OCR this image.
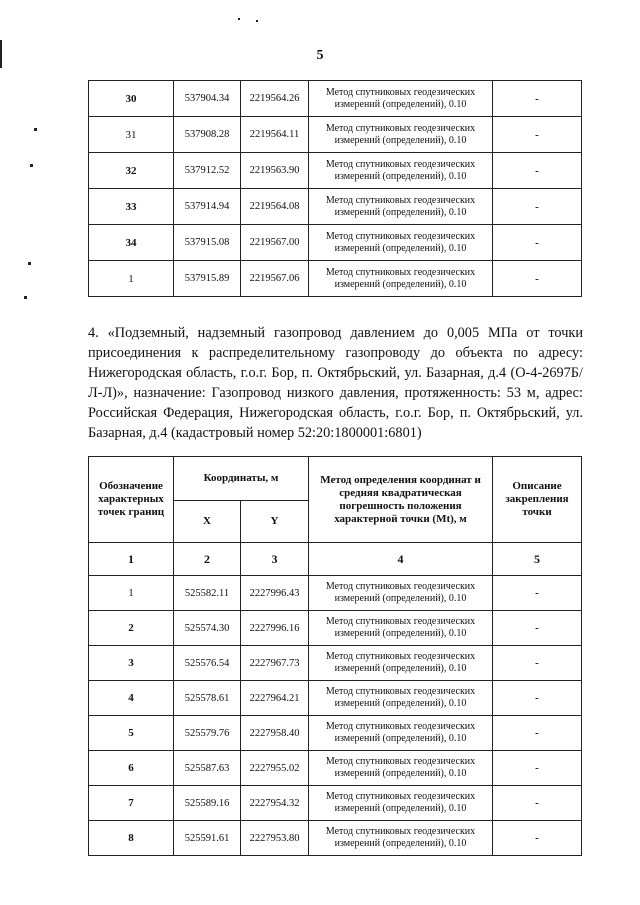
5
30	537904.34	2219564.26	Метод спутниковых геодезических измерений (определений), 0.10	-
31	537908.28	2219564.11	Метод спутниковых геодезических измерений (определений), 0.10	-
32	537912.52	2219563.90	Метод спутниковых геодезических измерений (определений), 0.10	-
33	537914.94	2219564.08	Метод спутниковых геодезических измерений (определений), 0.10	-
34	537915.08	2219567.00	Метод спутниковых геодезических измерений (определений), 0.10	-
1	537915.89	2219567.06	Метод спутниковых геодезических измерений (определений), 0.10	-
4. «Подземный, надземный газопровод давлением до 0,005 МПа от точки присоединения к распределительному газопроводу до объекта по адресу: Нижегородская область, г.о.г. Бор, п. Октябрьский, ул. Базарная, д.4 (О-4-2697Б/Л-Л)», назначение: Газопровод низкого давления, протяженность: 53 м, адрес: Российская Федерация, Нижегородская область, г.о.г. Бор, п. Октябрьский, ул. Базарная, д.4 (кадастровый номер 52:20:1800001:6801)
Обозначение характерных точек границ	Координаты, м		Метод определения координат и средняя квадратическая погрешность положения характерной точки (Mt), м	Описание закрепления точки
	X	Y		
1	2	3	4	5
1	525582.11	2227996.43	Метод спутниковых геодезических измерений (определений), 0.10	-
2	525574.30	2227996.16	Метод спутниковых геодезических измерений (определений), 0.10	-
3	525576.54	2227967.73	Метод спутниковых геодезических измерений (определений), 0.10	-
4	525578.61	2227964.21	Метод спутниковых геодезических измерений (определений), 0.10	-
5	525579.76	2227958.40	Метод спутниковых геодезических измерений (определений), 0.10	-
6	525587.63	2227955.02	Метод спутниковых геодезических измерений (определений), 0.10	-
7	525589.16	2227954.32	Метод спутниковых геодезических измерений (определений), 0.10	-
8	525591.61	2227953.80	Метод спутниковых геодезических измерений (определений), 0.10	-
